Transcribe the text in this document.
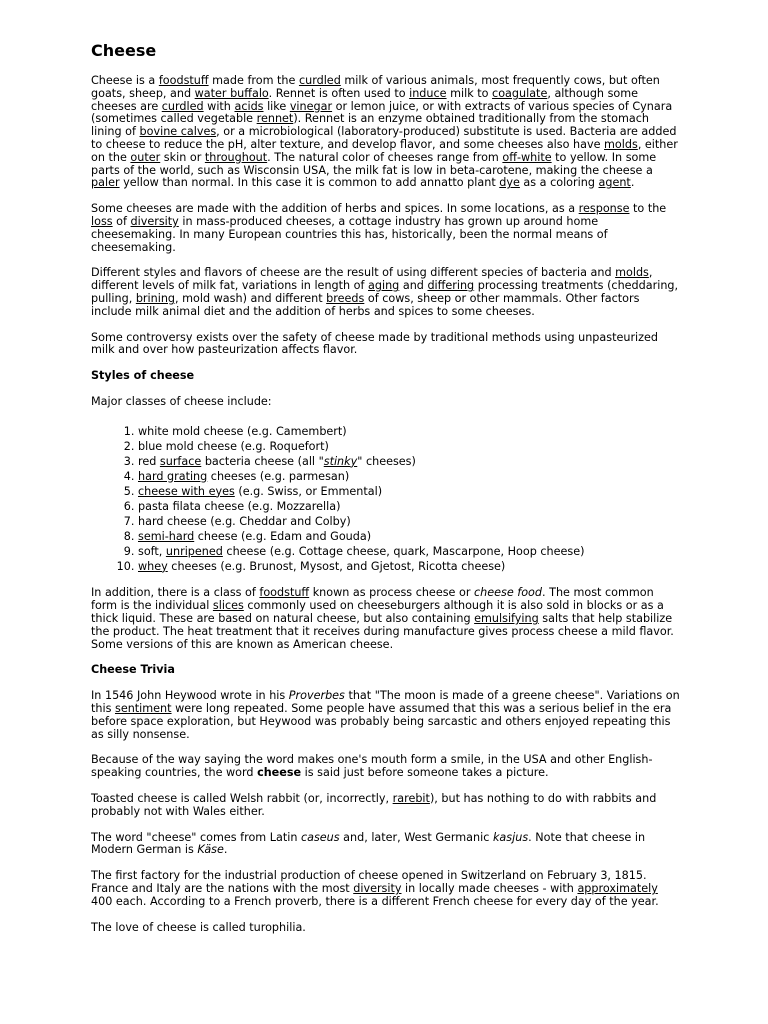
Cheese

Cheese is a foodstuff made from the curdled milk of various animals, most frequently cows, but often goats, sheep, and water buffalo. Rennet is often used to induce milk to coagulate, although some cheeses are curdled with acids like vinegar or lemon juice, or with extracts of various species of Cynara (sometimes called vegetable rennet). Rennet is an enzyme obtained traditionally from the stomach lining of bovine calves, or a microbiological (laboratory-produced) substitute is used. Bacteria are added to cheese to reduce the pH, alter texture, and develop flavor, and some cheeses also have molds, either on the outer skin or throughout. The natural color of cheeses range from off-white to yellow. In some parts of the world, such as Wisconsin USA, the milk fat is low in beta-carotene, making the cheese a paler yellow than normal. In this case it is common to add annatto plant dye as a coloring agent.

Some cheeses are made with the addition of herbs and spices. In some locations, as a response to the loss of diversity in mass-produced cheeses, a cottage industry has grown up around home cheesemaking. In many European countries this has, historically, been the normal means of cheesemaking.

Different styles and flavors of cheese are the result of using different species of bacteria and molds, different levels of milk fat, variations in length of aging and differing processing treatments (cheddaring, pulling, brining, mold wash) and different breeds of cows, sheep or other mammals. Other factors include milk animal diet and the addition of herbs and spices to some cheeses.

Some controversy exists over the safety of cheese made by traditional methods using unpasteurized milk and over how pasteurization affects flavor.

Styles of cheese

Major classes of cheese include:

1. white mold cheese (e.g. Camembert)
2. blue mold cheese (e.g. Roquefort)
3. red surface bacteria cheese (all "stinky" cheeses)
4. hard grating cheeses (e.g. parmesan)
5. cheese with eyes (e.g. Swiss, or Emmental)
6. pasta filata cheese (e.g. Mozzarella)
7. hard cheese (e.g. Cheddar and Colby)
8. semi-hard cheese (e.g. Edam and Gouda)
9. soft, unripened cheese (e.g. Cottage cheese, quark, Mascarpone, Hoop cheese)
10. whey cheeses (e.g. Brunost, Mysost, and Gjetost, Ricotta cheese)

In addition, there is a class of foodstuff known as process cheese or cheese food. The most common form is the individual slices commonly used on cheeseburgers although it is also sold in blocks or as a thick liquid. These are based on natural cheese, but also containing emulsifying salts that help stabilize the product. The heat treatment that it receives during manufacture gives process cheese a mild flavor. Some versions of this are known as American cheese.

Cheese Trivia

In 1546 John Heywood wrote in his Proverbes that "The moon is made of a greene cheese". Variations on this sentiment were long repeated. Some people have assumed that this was a serious belief in the era before space exploration, but Heywood was probably being sarcastic and others enjoyed repeating this as silly nonsense.

Because of the way saying the word makes one's mouth form a smile, in the USA and other English-speaking countries, the word cheese is said just before someone takes a picture.

Toasted cheese is called Welsh rabbit (or, incorrectly, rarebit), but has nothing to do with rabbits and probably not with Wales either.

The word "cheese" comes from Latin caseus and, later, West Germanic kasjus. Note that cheese in Modern German is Käse.

The first factory for the industrial production of cheese opened in Switzerland on February 3, 1815. France and Italy are the nations with the most diversity in locally made cheeses - with approximately 400 each. According to a French proverb, there is a different French cheese for every day of the year.

The love of cheese is called turophilia.
